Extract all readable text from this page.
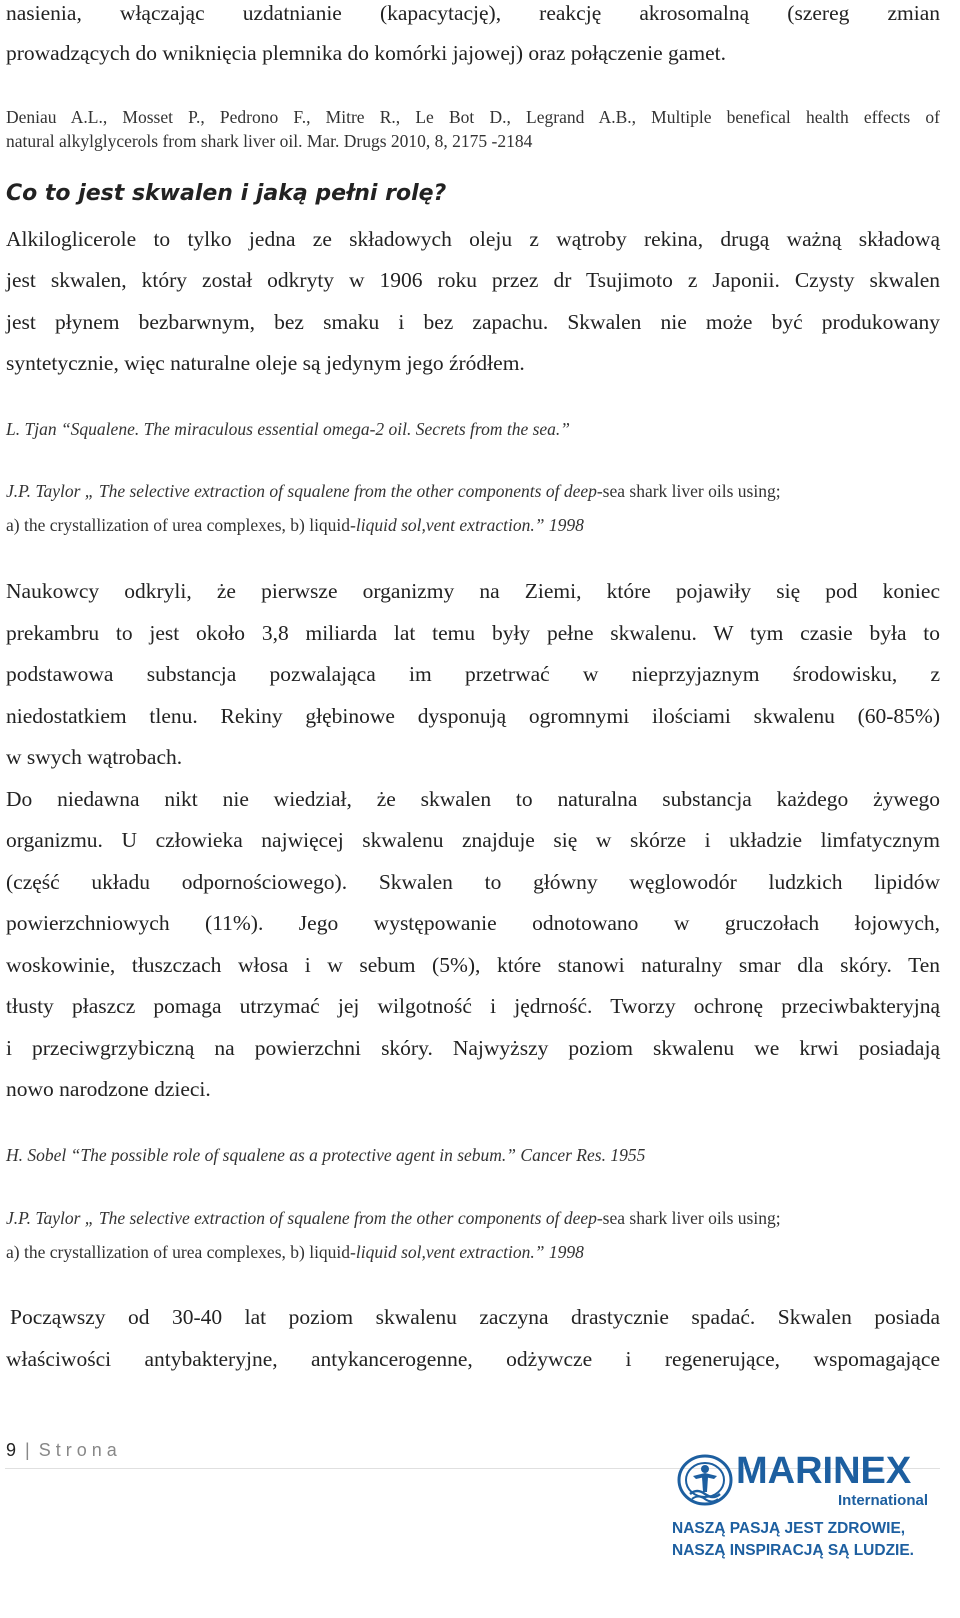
nasienia, włączając uzdatnianie (kapacytację), reakcję akrosomalną (szereg zmian
prowadzących do wniknięcia plemnika do komórki jajowej) oraz połączenie gamet.
Deniau A.L., Mosset P., Pedrono F., Mitre R., Le Bot D., Legrand A.B., Multiple benefical health effects of
natural alkylglycerols from shark liver oil. Mar. Drugs 2010, 8, 2175 -2184
Co to jest skwalen i jaką pełni rolę?
Alkiloglicerole to tylko jedna ze składowych oleju z wątroby rekina, drugą ważną składową
jest skwalen, który został odkryty w 1906 roku przez dr Tsujimoto z Japonii. Czysty skwalen
jest płynem bezbarwnym, bez smaku i bez zapachu. Skwalen nie może być produkowany
syntetycznie, więc naturalne oleje są jedynym jego źródłem.
L. Tjan “Squalene. The miraculous essential omega-2 oil. Secrets from the sea.”
J.P. Taylor „ The selective extraction of squalene from the other components of deep-sea shark liver oils using;
a) the crystallization of urea complexes, b) liquid-liquid sol,vent extraction.” 1998
Naukowcy odkryli, że pierwsze organizmy na Ziemi, które pojawiły się pod koniec
prekambru to jest około 3,8 miliarda lat temu były pełne skwalenu. W tym czasie była to
podstawowa substancja pozwalająca im przetrwać w nieprzyjaznym środowisku, z
niedostatkiem tlenu. Rekiny głębinowe dysponują ogromnymi ilościami skwalenu (60-85%)
w swych wątrobach.
Do niedawna nikt nie wiedział, że skwalen to naturalna substancja każdego żywego
organizmu. U człowieka najwięcej skwalenu znajduje się w skórze i układzie limfatycznym
(część układu odpornościowego). Skwalen to główny węglowodór ludzkich lipidów
powierzchniowych (11%). Jego występowanie odnotowano w gruczołach łojowych,
woskowinie, tłuszczach włosa i w sebum (5%), które stanowi naturalny smar dla skóry. Ten
tłusty płaszcz pomaga utrzymać jej wilgotność i jędrność. Tworzy ochronę przeciwbakteryjną
i przeciwgrzybiczną na powierzchni skóry. Najwyższy poziom skwalenu we krwi posiadają
nowo narodzone dzieci.
H. Sobel “The possible role of squalene as a protective agent in sebum.” Cancer Res. 1955
J.P. Taylor „ The selective extraction of squalene from the other components of deep-sea shark liver oils using;
a) the crystallization of urea complexes, b) liquid-liquid sol,vent extraction.” 1998
Począwszy od 30-40 lat poziom skwalenu zaczyna drastycznie spadać. Skwalen posiada
właściwości antybakteryjne, antykancerogenne, odżywcze i regenerujące, wspomagające
9 | Strona	MARINEX
International
NASZĄ PASJĄ JEST ZDROWIE,
NASZĄ INSPIRACJĄ SĄ LUDZIE.
